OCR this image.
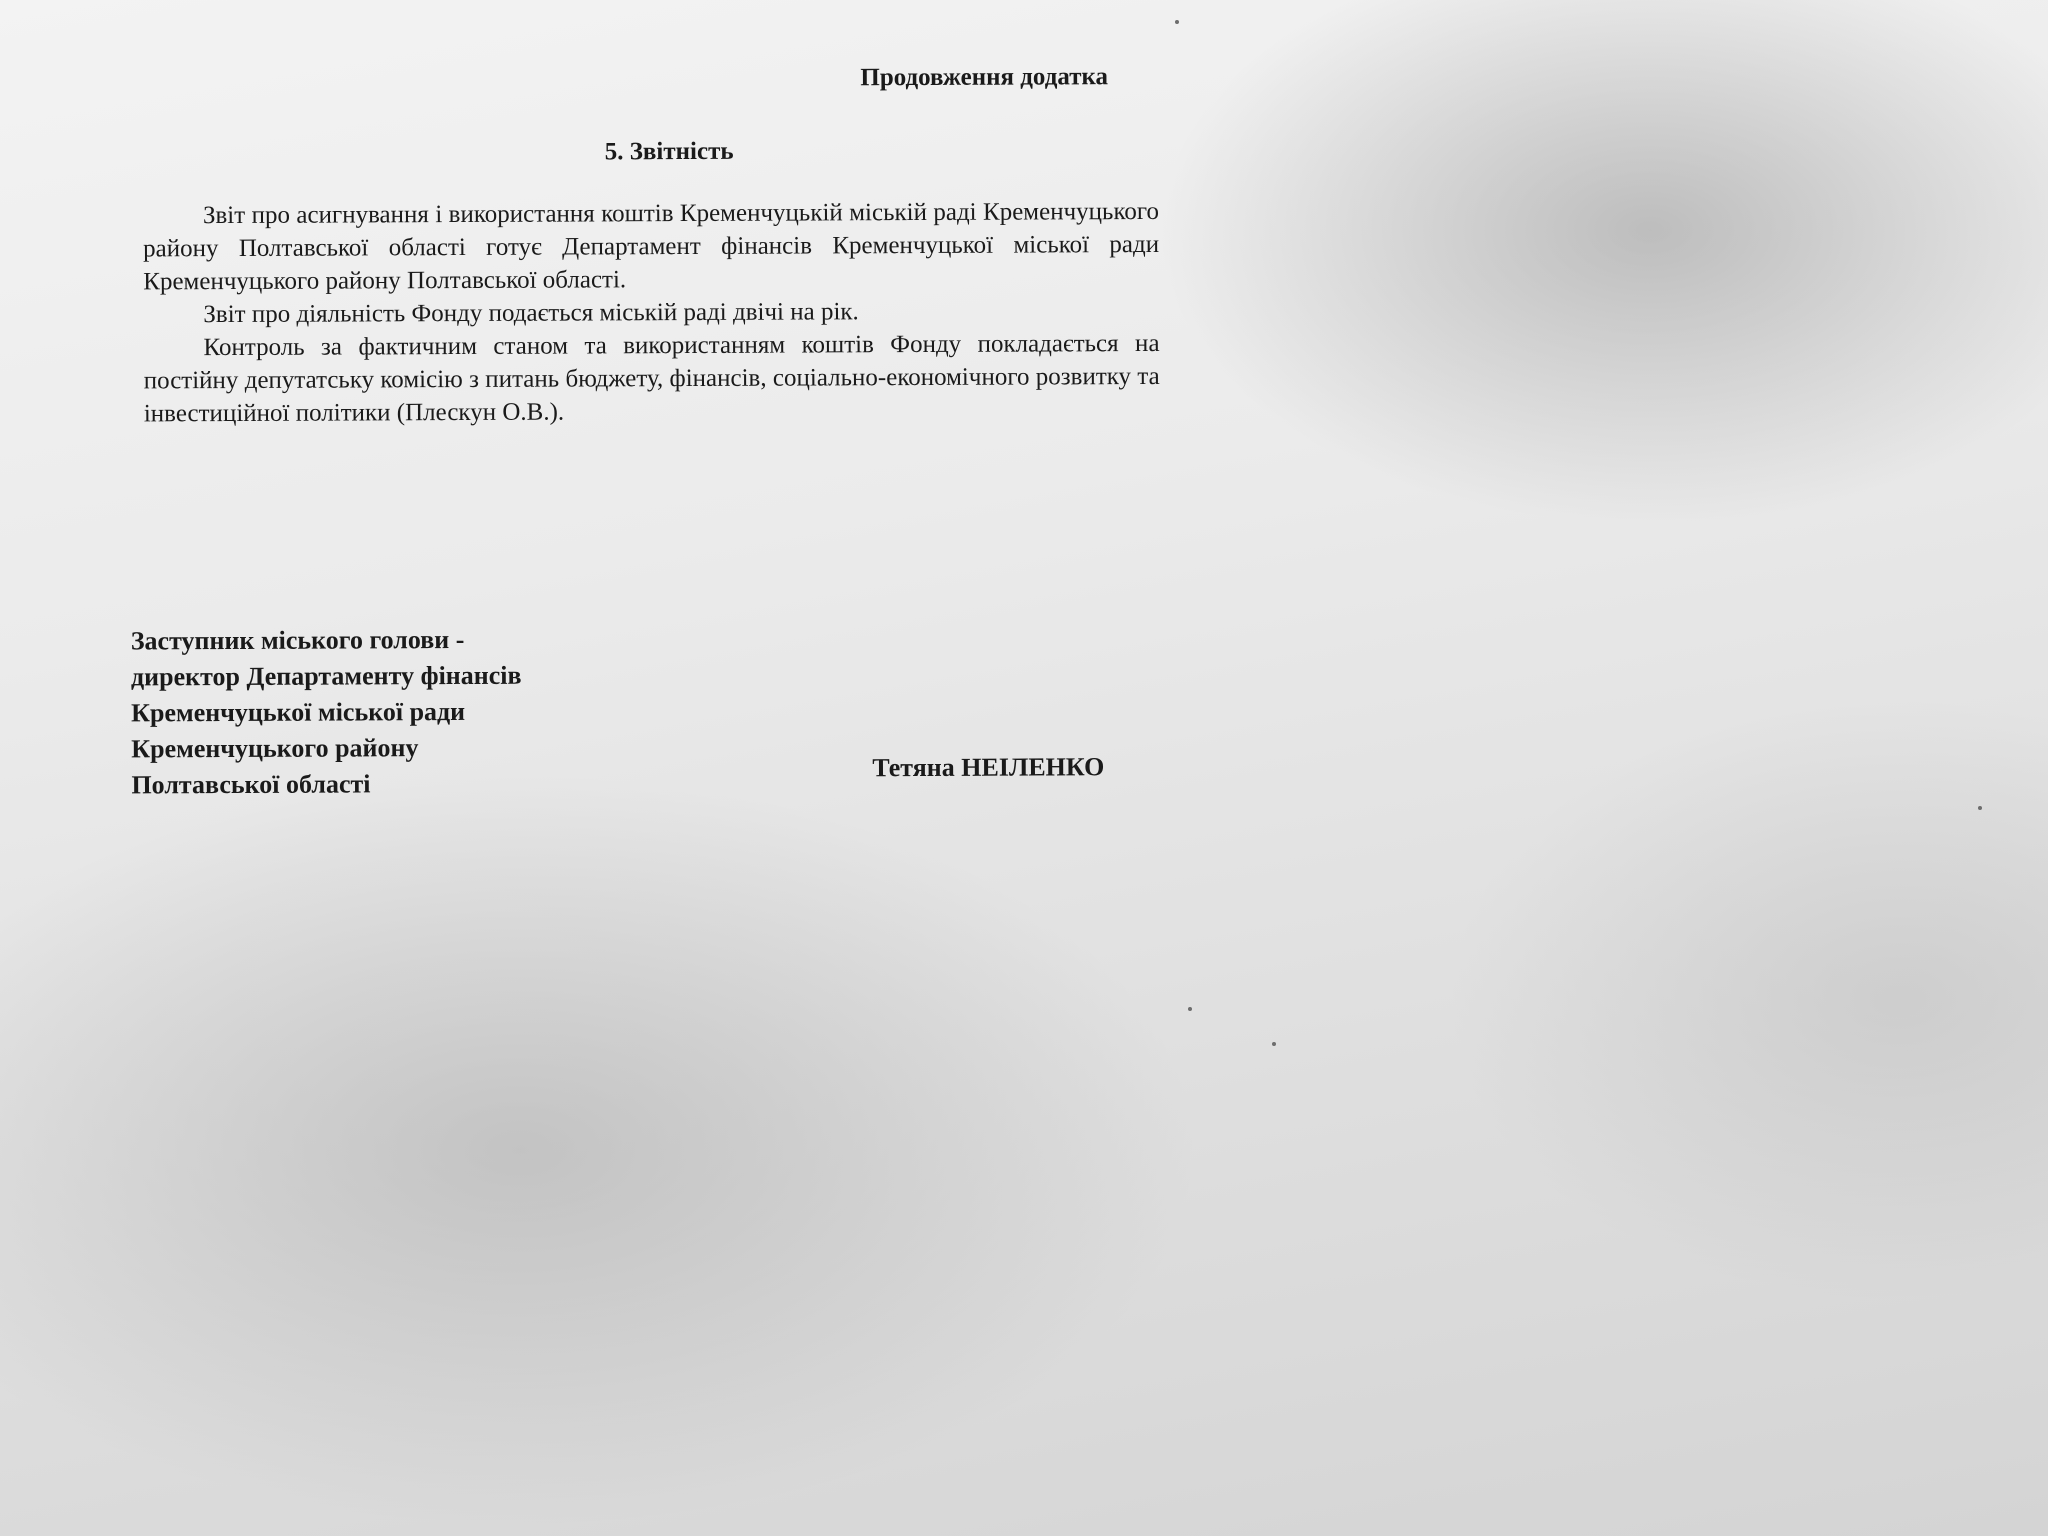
Продовження додатка
5. Звітність

Звіт про асигнування і використання коштів Кременчуцькій міській раді Кременчуцького району Полтавської області готує Департамент фінансів Кременчуцької міської ради Кременчуцького району Полтавської області.

Звіт про діяльність Фонду подається міській раді двічі на рік.

Контроль за фактичним станом та використанням коштів Фонду покладається на постійну депутатську комісію з питань бюджету, фінансів, соціально-економічного розвитку та інвестиційної політики (Плескун О.В.).

Заступник міського голови -
директор Департаменту фінансів
Кременчуцької міської ради
Кременчуцького району
Полтавської області
Тетяна НЕІЛЕНКО
